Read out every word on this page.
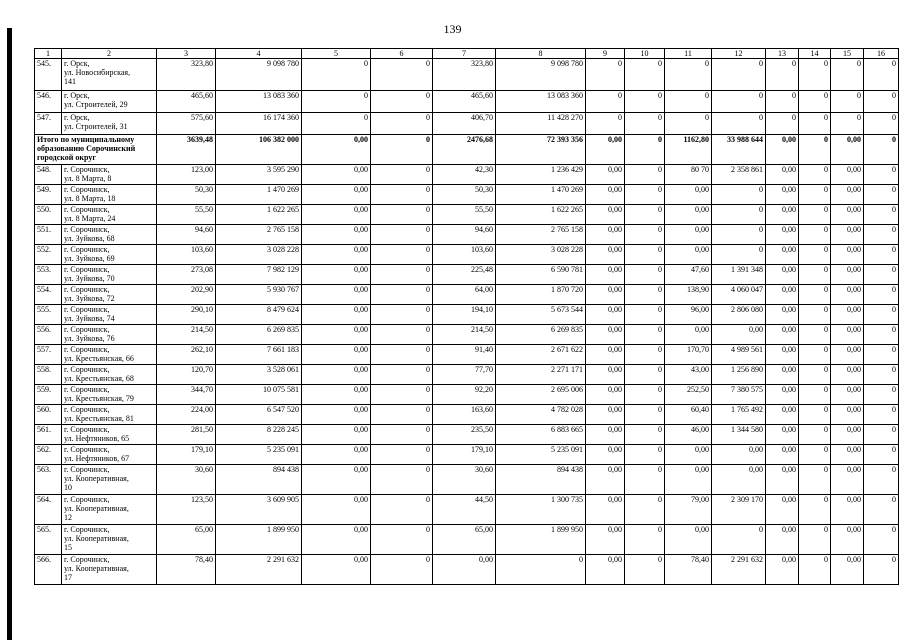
139
1	2	3	4	5	6	7	8	9	10	11	12	13	14	15	16
545.	г. Орск,
ул. Новосибирская,
141	323,80	9 098 780	0	0	323,80	9 098 780	0	0	0	0	0	0	0	0
546.	г. Орск,
ул. Строителей, 29	465,60	13 083 360	0	0	465,60	13 083 360	0	0	0	0	0	0	0	0
547.	г. Орск,
ул. Строителей, 31	575,60	16 174 360	0	0	406,70	11 428 270	0	0	0	0	0	0	0	0
Итого по муниципальному образованию Сорочинский городской округ		3639,48	106 382 000	0,00	0	2476,68	72 393 356	0,00	0	1162,80	33 988 644	0,00	0	0,00	0
548.	г. Сорочинск,
ул. 8 Марта, 8	123,00	3 595 290	0,00	0	42,30	1 236 429	0,00	0	80 70	2 358 861	0,00	0	0,00	0
549.	г. Сорочинск,
ул. 8 Марта, 18	50,30	1 470 269	0,00	0	50,30	1 470 269	0,00	0	0,00	0	0,00	0	0,00	0
550.	г. Сорочинск,
ул. 8 Марта, 24	55,50	1 622 265	0,00	0	55,50	1 622 265	0,00	0	0,00	0	0,00	0	0,00	0
551.	г. Сорочинск,
ул. Зуйкова, 68	94,60	2 765 158	0,00	0	94,60	2 765 158	0,00	0	0,00	0	0,00	0	0,00	0
552.	г. Сорочинск,
ул. Зуйкова, 69	103,60	3 028 228	0,00	0	103,60	3 028 228	0,00	0	0,00	0	0,00	0	0,00	0
553.	г. Сорочинск,
ул. Зуйкова, 70	273,08	7 982 129	0,00	0	225,48	6 590 781	0,00	0	47,60	1 391 348	0,00	0	0,00	0
554.	г. Сорочинск,
ул. Зуйкова, 72	202,90	5 930 767	0,00	0	64,00	1 870 720	0,00	0	138,90	4 060 047	0,00	0	0,00	0
555.	г. Сорочинск,
ул. Зуйкова, 74	290,10	8 479 624	0,00	0	194,10	5 673 544	0,00	0	96,00	2 806 080	0,00	0	0,00	0
556.	г. Сорочинск,
ул. Зуйкова, 76	214,50	6 269 835	0,00	0	214,50	6 269 835	0,00	0	0,00	0,00	0,00	0	0,00	0
557.	г. Сорочинск,
ул. Крестьянская, 66	262,10	7 661 183	0,00	0	91,40	2 671 622	0,00	0	170,70	4 989 561	0,00	0	0,00	0
558.	г. Сорочинск,
ул. Крестьянская, 68	120,70	3 528 061	0,00	0	77,70	2 271 171	0,00	0	43,00	1 256 890	0,00	0	0,00	0
559.	г. Сорочинск,
ул. Крестьянская, 79	344,70	10 075 581	0,00	0	92,20	2 695 006	0,00	0	252,50	7 380 575	0,00	0	0,00	0
560.	г. Сорочинск,
ул. Крестьянская, 81	224,00	6 547 520	0,00	0	163,60	4 782 028	0,00	0	60,40	1 765 492	0,00	0	0,00	0
561.	г. Сорочинск,
ул. Нефтяников, 65	281,50	8 228 245	0,00	0	235,50	6 883 665	0,00	0	46,00	1 344 580	0,00	0	0,00	0
562.	г. Сорочинск,
ул. Нефтяников, 67	179,10	5 235 091	0,00	0	179,10	5 235 091	0,00	0	0,00	0,00	0,00	0	0,00	0
563.	г. Сорочинск,
ул. Кооперативная,
10	30,60	894 438	0,00	0	30,60	894 438	0,00	0	0,00	0,00	0,00	0	0,00	0
564.	г. Сорочинск,
ул. Кооперативная,
12	123,50	3 609 905	0,00	0	44,50	1 300 735	0,00	0	79,00	2 309 170	0,00	0	0,00	0
565.	г. Сорочинск,
ул. Кооперативная,
15	65,00	1 899 950	0,00	0	65,00	1 899 950	0,00	0	0,00	0	0,00	0	0,00	0
566.	г. Сорочинск,
ул. Кооперативная,
17	78,40	2 291 632	0,00	0	0,00	0	0,00	0	78,40	2 291 632	0,00	0	0,00	0
